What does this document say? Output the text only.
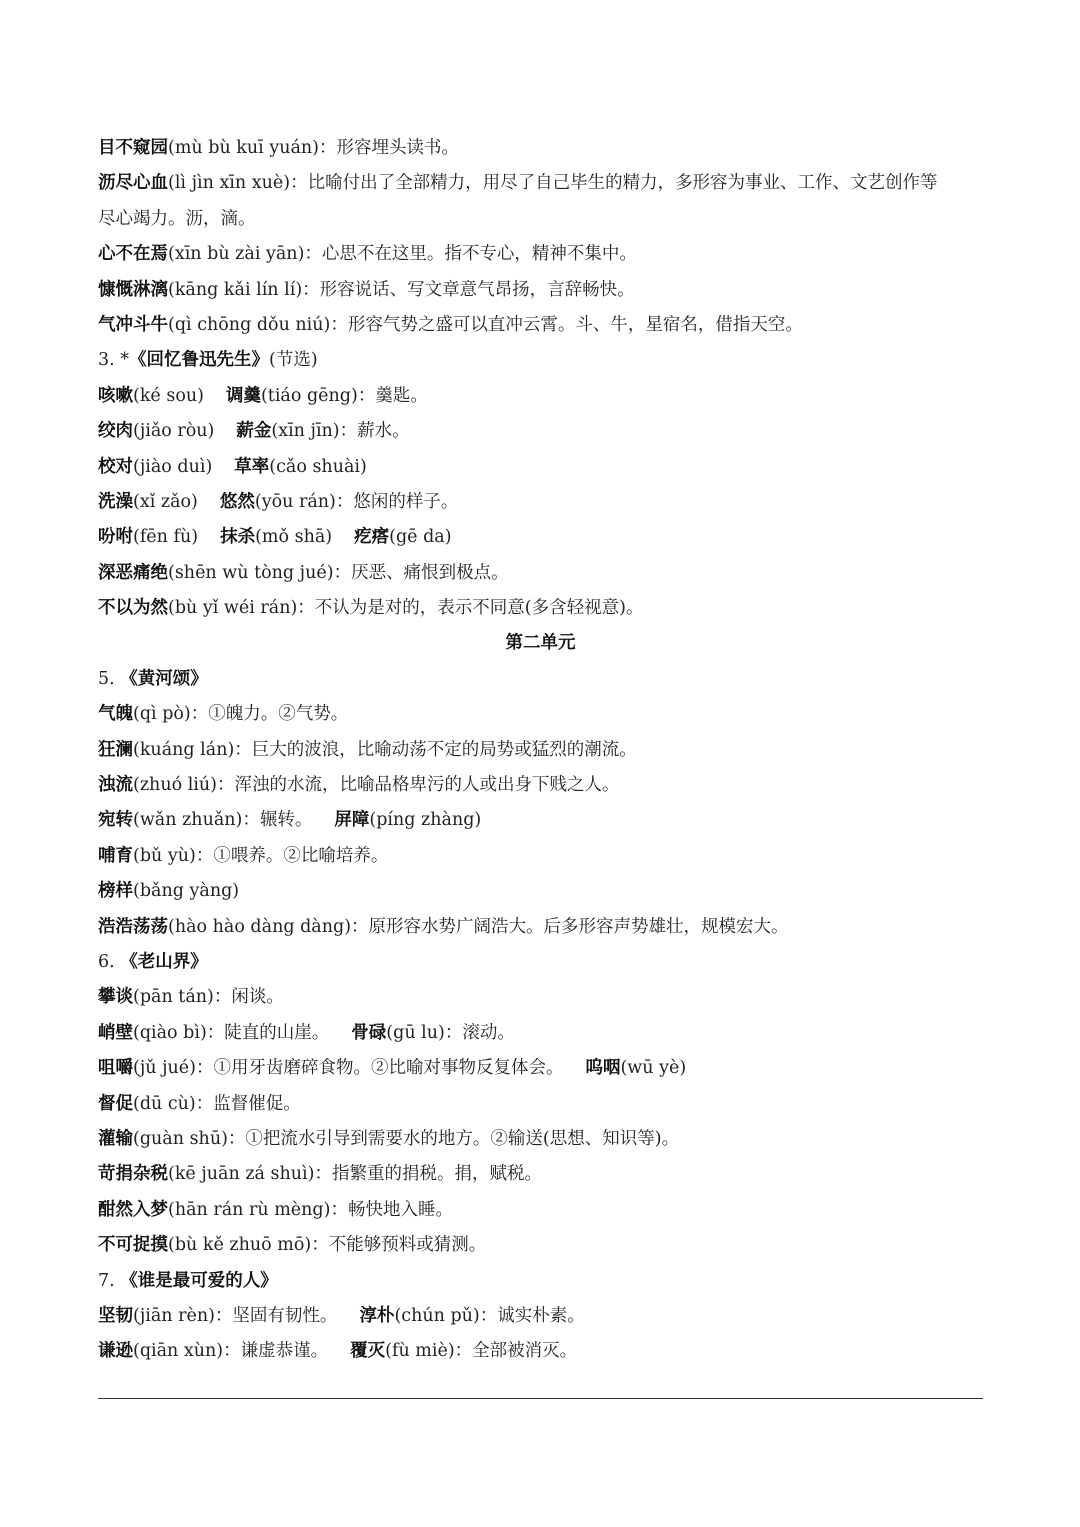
目不窥园(mù bù kuī yuán)：形容埋头读书。
沥尽心血(lì jìn xīn xuè)：比喻付出了全部精力，用尽了自己毕生的精力，多形容为事业、工作、文艺创作等
尽心竭力。沥，滴。
心不在焉(xīn bù zài yān)：心思不在这里。指不专心，精神不集中。
慷慨淋漓(kāng kǎi lín lí)：形容说话、写文章意气昂扬，言辞畅快。
气冲斗牛(qì chōng dǒu niú)：形容气势之盛可以直冲云霄。斗、牛，星宿名，借指天空。
3. *《回忆鲁迅先生》(节选)
咳嗽(ké sou) 调羹(tiáo gēng)：羹匙。
绞肉(jiǎo ròu) 薪金(xīn jīn)：薪水。
校对(jiào duì) 草率(cǎo shuài)
洗澡(xǐ zǎo) 悠然(yōu rán)：悠闲的样子。
吩咐(fēn fù) 抹杀(mǒ shā) 疙瘩(gē da)
深恶痛绝(shēn wù tòng jué)：厌恶、痛恨到极点。
不以为然(bù yǐ wéi rán)：不认为是对的，表示不同意(多含轻视意)。
第二单元
5. 《黄河颂》
气魄(qì pò)：①魄力。②气势。
狂澜(kuáng lán)：巨大的波浪，比喻动荡不定的局势或猛烈的潮流。
浊流(zhuó liú)：浑浊的水流，比喻品格卑污的人或出身下贱之人。
宛转(wǎn zhuǎn)：辗转。 屏障(píng zhàng)
哺育(bǔ yù)：①喂养。②比喻培养。
榜样(bǎng yàng)
浩浩荡荡(hào hào dàng dàng)：原形容水势广阔浩大。后多形容声势雄壮，规模宏大。
6. 《老山界》
攀谈(pān tán)：闲谈。
峭壁(qiào bì)：陡直的山崖。 骨碌(gū lu)：滚动。
咀嚼(jǔ jué)：①用牙齿磨碎食物。②比喻对事物反复体会。 呜咽(wū yè)
督促(dū cù)：监督催促。
灌输(guàn shū)：①把流水引导到需要水的地方。②输送(思想、知识等)。
苛捐杂税(kē juān zá shuì)：指繁重的捐税。捐，赋税。
酣然入梦(hān rán rù mèng)：畅快地入睡。
不可捉摸(bù kě zhuō mō)：不能够预料或猜测。
7. 《谁是最可爱的人》
坚韧(jiān rèn)：坚固有韧性。 淳朴(chún pǔ)：诚实朴素。
谦逊(qiān xùn)：谦虚恭谨。 覆灭(fù miè)：全部被消灭。
